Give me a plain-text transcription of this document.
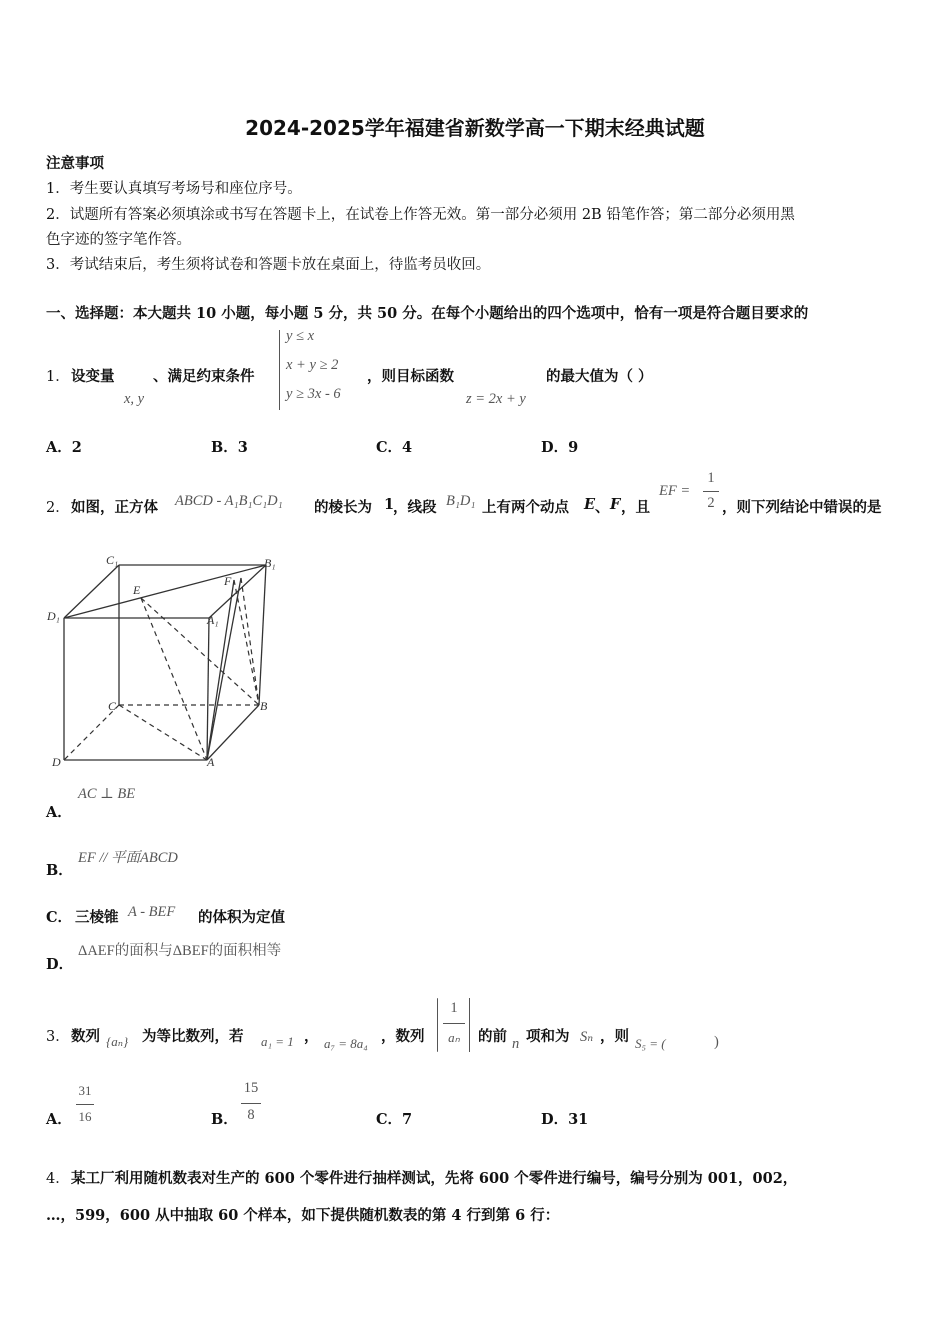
2024-2025学年福建省新数学高一下期末经典试题
注意事项
1．考生要认真填写考场号和座位序号。
2．试题所有答案必须填涂或书写在答题卡上，在试卷上作答无效。第一部分必须用 2B 铅笔作答；第二部分必须用黑
色字迹的签字笔作答。
3．考试结束后，考生须将试卷和答题卡放在桌面上，待监考员收回。
一、选择题：本大题共 10 小题，每小题 5 分，共 50 分。在每个小题给出的四个选项中，恰有一项是符合题目要求的
1． 设变量	、满足约束条件
x, y
y ≤ x
x + y ≥ 2
y ≥ 3x - 6
，则目标函数
z = 2x + y
的最大值为（ ）
A．2	B．3	C．4	D．9
2． 如图，正方体 ABCD - A₁B₁C₁D₁ 的棱长为 1
，线段 B₁D₁ 上有两个动点 E 、 F ，且
EF =
1
2 ，则下列结论中错误的是
C₁	B₁
E
F
D₁	A₁
C	B
D	A
A．
AC ⊥ BE
B．
EF // 平面ABCD
C． 三棱锥 A - BEF 的体积为定值
D．
ΔAEF的面积与ΔBEF的面积相等
3． 数列 {aₙ} 为等比数列，若 a₁ = 1 ， a₇ = 8a₄ ，数列
1
aₙ	的前 n 项和为 Sₙ ，则 S₅ = (	)
A．
31
16	B．
15
8	C．7	D．31
4． 某工厂利用随机数表对生产的 600 个零件进行抽样测试，先将 600 个零件进行编号，编号分别为 001，002，
…，599，600 从中抽取 60 个样本，如下提供随机数表的第 4 行到第 6 行：
